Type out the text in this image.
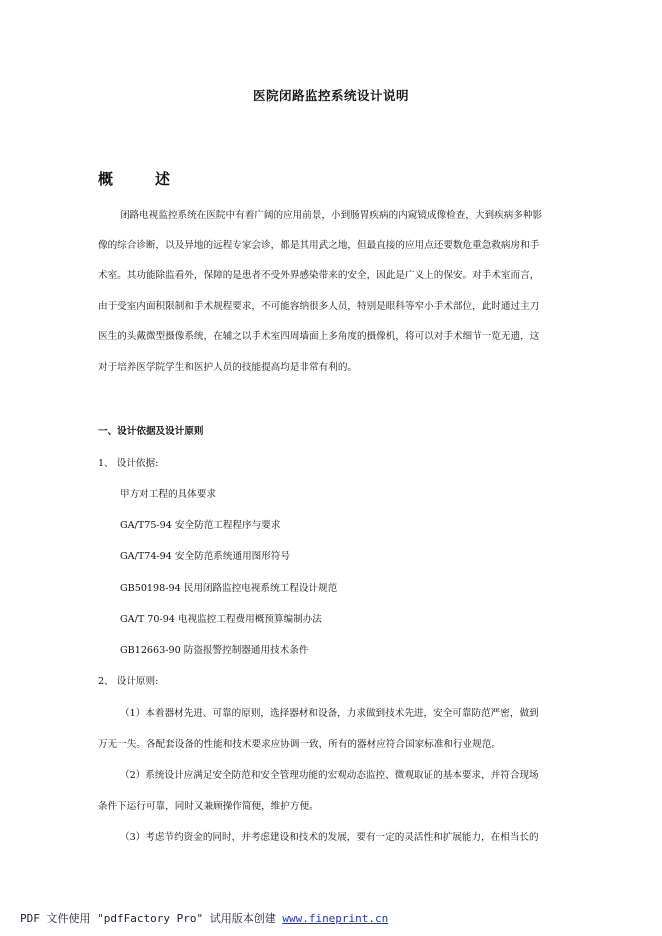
医院闭路监控系统设计说明
.
概	述
闭路电视监控系统在医院中有着广阔的应用前景，小到肠胃疾病的内窥镜成像检查，大到疾病多种影
像的综合诊断，以及异地的远程专家会诊，都是其用武之地，但最直接的应用点还要数危重急救病房和手
术室。其功能除监看外，保障的是患者不受外界感染带来的安全，因此是广义上的保安。对手术室而言，
由于受室内面积限制和手术规程要求，不可能容纳很多人员，特别是眼科等窄小手术部位，此时通过主刀
医生的头戴微型摄像系统，在辅之以手术室四周墙面上多角度的摄像机，将可以对手术细节一览无遗，这
对于培养医学院学生和医护人员的技能提高均是非常有利的。
一、设计依据及设计原则
1、 设计依据:
甲方对工程的具体要求
GA/T75-94 安全防范工程程序与要求
GA/T74-94 安全防范系统通用图形符号
GB50198-94 民用闭路监控电视系统工程设计规范
GA/T 70-94 电视监控工程费用概预算编制办法
GB12663-90 防盗报警控制器通用技术条件
2、 设计原则:
（1）本着器材先进、可靠的原则，选择器材和设备，力求做到技术先进，安全可靠防范严密，做到
万无一失。各配套设备的性能和技术要求应协调一致，所有的器材应符合国家标准和行业规范。
（2）系统设计应满足安全防范和安全管理功能的宏观动态监控、微观取证的基本要求，并符合现场
条件下运行可靠，同时又兼顾操作简便，维护方便。
（3）考虑节约资金的同时，并考虑建设和技术的发展，要有一定的灵活性和扩展能力，在相当长的
PDF 文件使用 "pdfFactory Pro" 试用版本创建 www.fineprint.cn
